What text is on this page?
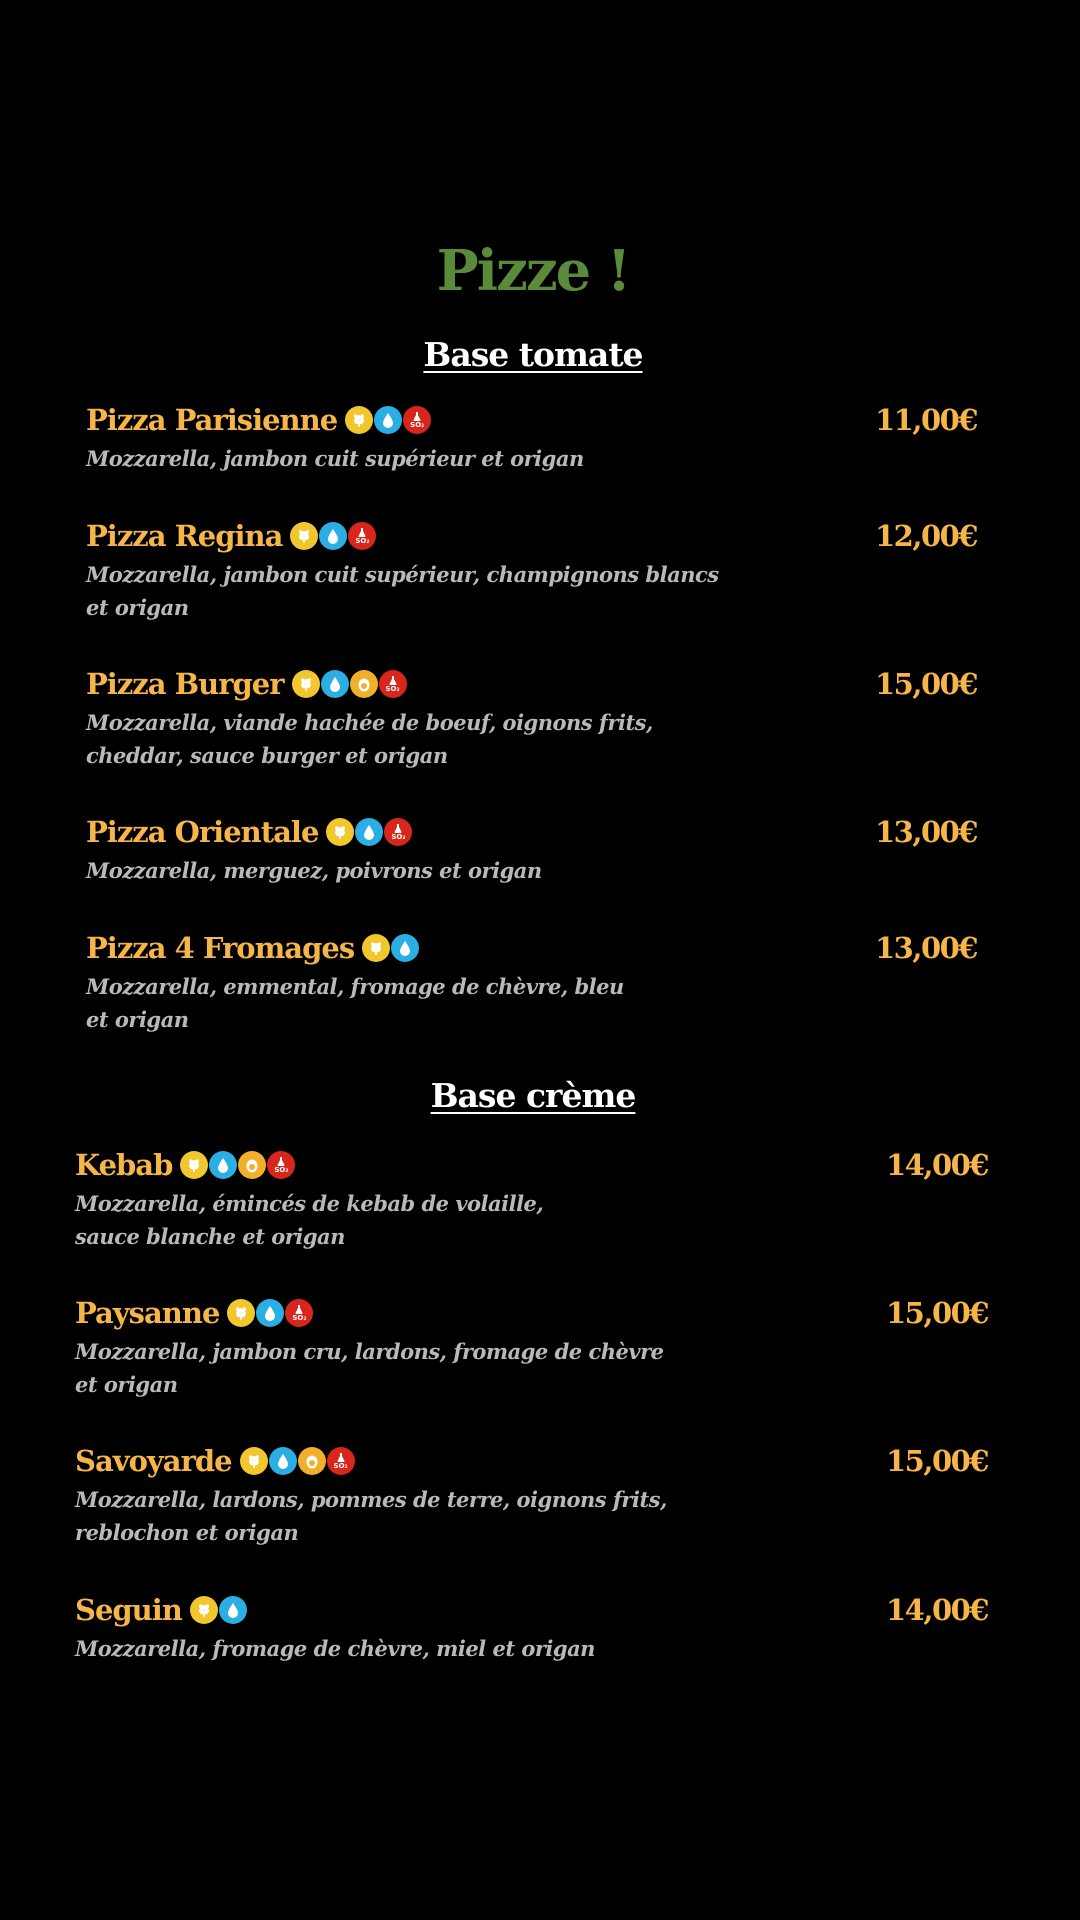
Pizze !
Base tomate
Pizza Parisienne	SO₂
Mozzarella, jambon cuit supérieur et origan
11,00€
Pizza Regina	SO₂
Mozzarella, jambon cuit supérieur, champignons blancs
et origan
12,00€
Pizza Burger	SO₂
Mozzarella, viande hachée de boeuf, oignons frits,
cheddar, sauce burger et origan
15,00€
Pizza Orientale	SO₂
Mozzarella, merguez, poivrons et origan
13,00€
Pizza 4 Fromages
Mozzarella, emmental, fromage de chèvre, bleu
et origan
13,00€
Base crème
Kebab	SO₂
Mozzarella, émincés de kebab de volaille,
sauce blanche et origan
14,00€
Paysanne	SO₂
Mozzarella, jambon cru, lardons, fromage de chèvre
et origan
15,00€
Savoyarde	SO₂
Mozzarella, lardons, pommes de terre, oignons frits,
reblochon et origan
15,00€
Seguin
Mozzarella, fromage de chèvre, miel et origan
14,00€
